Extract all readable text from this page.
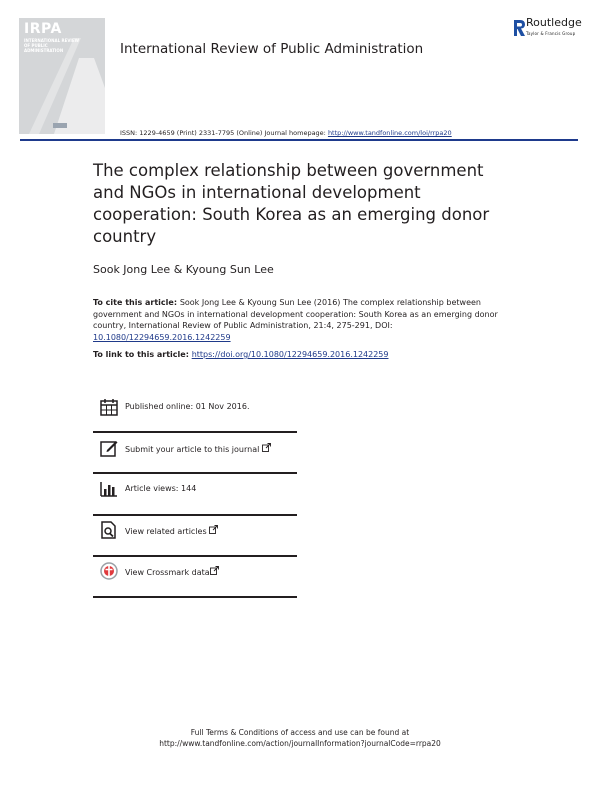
IRPA
INTERNATIONAL REVIEW OF PUBLIC ADMINISTRATION
Routledge
Taylor & Francis Group
International Review of Public Administration
ISSN: 1229-4659 (Print) 2331-7795 (Online) Journal homepage: http://www.tandfonline.com/loi/rrpa20
The complex relationship between government and NGOs in international development cooperation: South Korea as an emerging donor country
Sook Jong Lee & Kyoung Sun Lee
To cite this article: Sook Jong Lee & Kyoung Sun Lee (2016) The complex relationship between government and NGOs in international development cooperation: South Korea as an emerging donor country, International Review of Public Administration, 21:4, 275-291, DOI: 10.1080/12294659.2016.1242259
To link to this article: https://doi.org/10.1080/12294659.2016.1242259
Published online: 01 Nov 2016.
Submit your article to this journal
Article views: 144
View related articles
View Crossmark data
Full Terms & Conditions of access and use can be found at
http://www.tandfonline.com/action/journalInformation?journalCode=rrpa20
